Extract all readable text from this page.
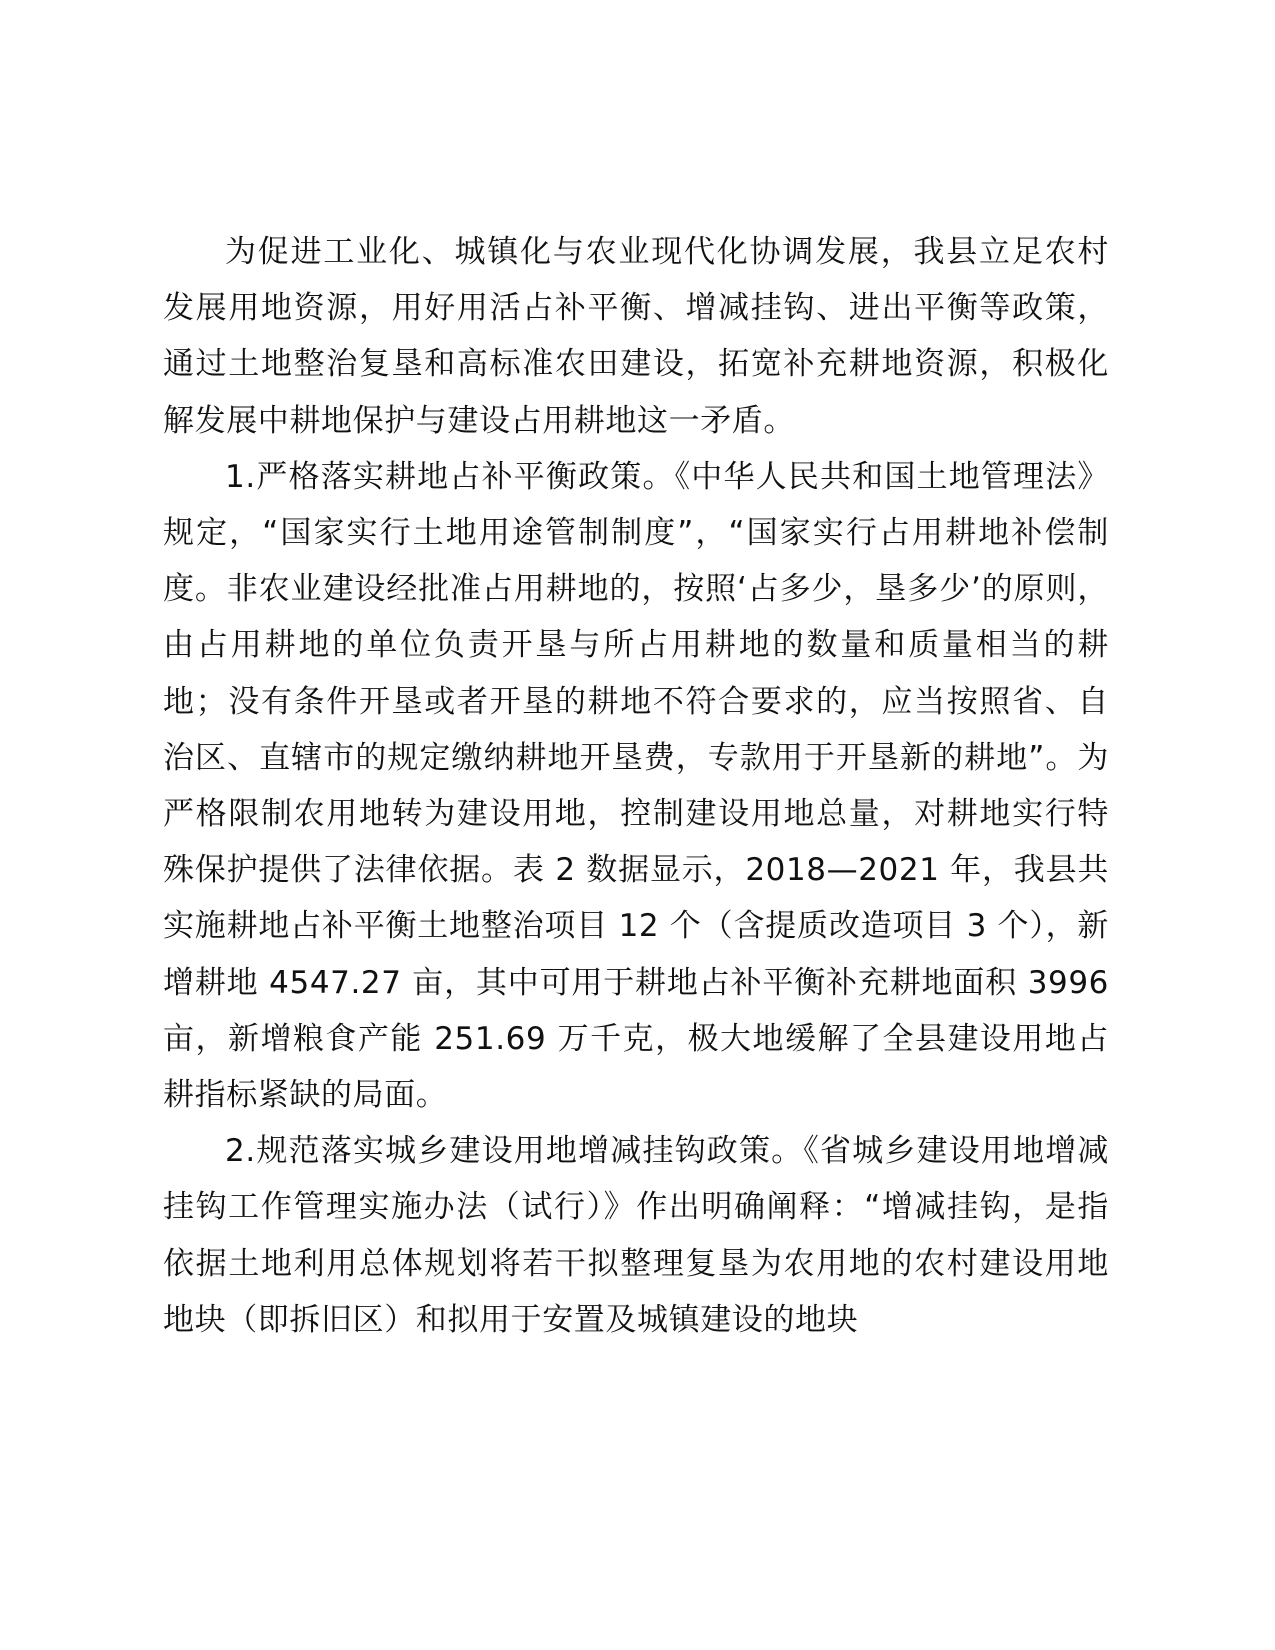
为促进工业化、城镇化与农业现代化协调发展，我县立足农村发展用地资源，用好用活占补平衡、增减挂钩、进出平衡等政策，通过土地整治复垦和高标准农田建设，拓宽补充耕地资源，积极化解发展中耕地保护与建设占用耕地这一矛盾。

1.严格落实耕地占补平衡政策。《中华人民共和国土地管理法》规定，“国家实行土地用途管制制度”，“国家实行占用耕地补偿制度。非农业建设经批准占用耕地的，按照‘占多少，垦多少’的原则，由占用耕地的单位负责开垦与所占用耕地的数量和质量相当的耕地；没有条件开垦或者开垦的耕地不符合要求的，应当按照省、自治区、直辖市的规定缴纳耕地开垦费，专款用于开垦新的耕地”。为严格限制农用地转为建设用地，控制建设用地总量，对耕地实行特殊保护提供了法律依据。表 2 数据显示，2018—2021 年，我县共实施耕地占补平衡土地整治项目 12 个（含提质改造项目 3 个），新增耕地 4547.27 亩，其中可用于耕地占补平衡补充耕地面积 3996 亩，新增粮食产能 251.69 万千克，极大地缓解了全县建设用地占耕指标紧缺的局面。

2.规范落实城乡建设用地增减挂钩政策。《省城乡建设用地增减挂钩工作管理实施办法（试行）》作出明确阐释：“增减挂钩，是指依据土地利用总体规划将若干拟整理复垦为农用地的农村建设用地地块（即拆旧区）和拟用于安置及城镇建设的地块
